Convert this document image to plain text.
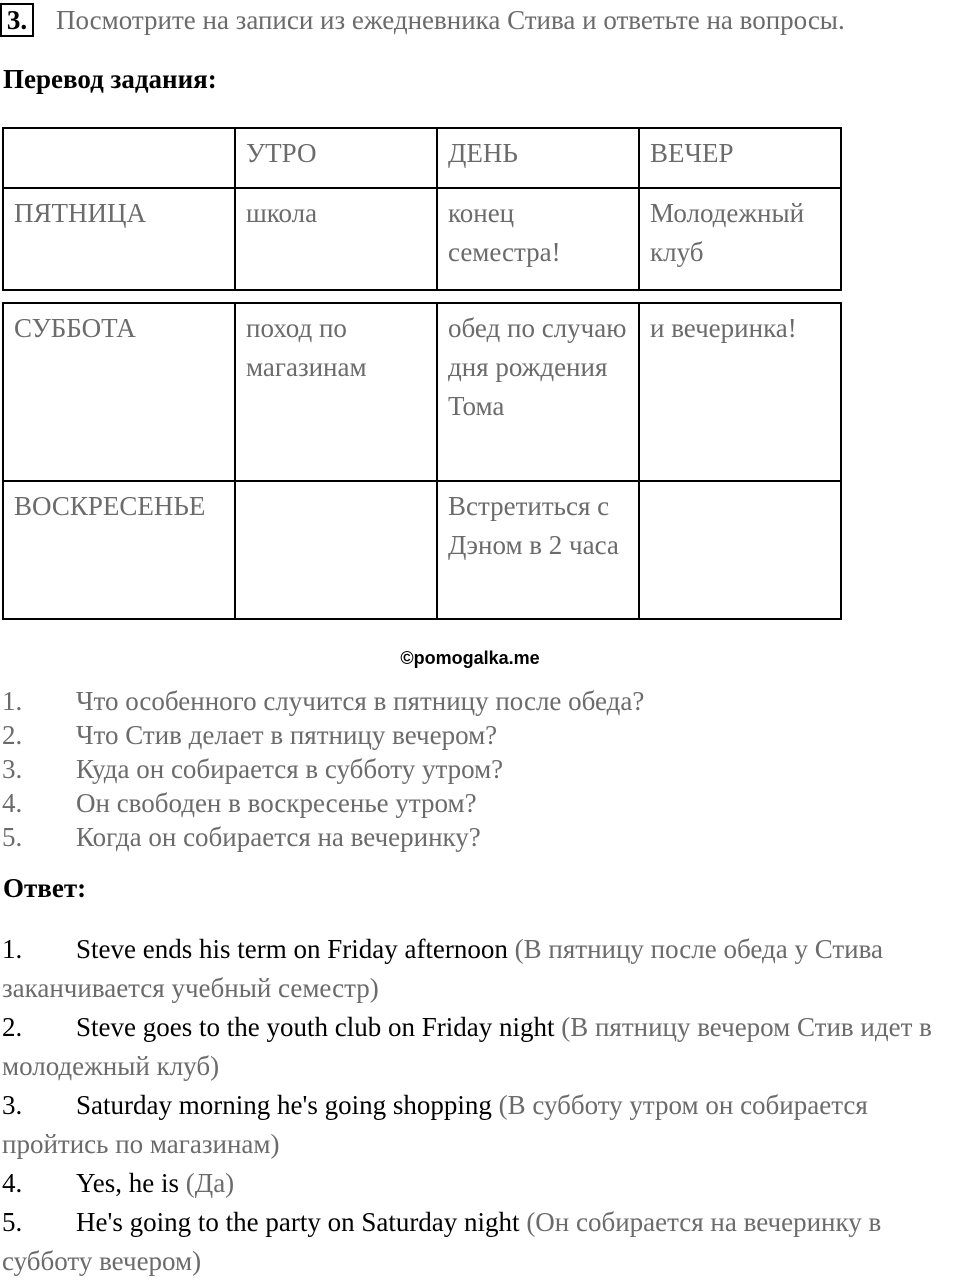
3. Посмотрите на записи из ежедневника Стива и ответьте на вопросы.
Перевод задания:
	УТРО	ДЕНЬ	ВЕЧЕР
ПЯТНИЦА	школа	конец семестра!	Молодежный клуб
СУББОТА	поход по магазинам	обед по случаю дня рождения Тома	и вечеринка!
ВОСКРЕСЕНЬЕ		Встретиться с Дэном в 2 часа	
©pomogalka.me
1.	Что особенного случится в пятницу после обеда?
2.	Что Стив делает в пятницу вечером?
3.	Куда он собирается в субботу утром?
4.	Он свободен в воскресенье утром?
5.	Когда он собирается на вечеринку?
Ответ:
1. Steve ends his term on Friday afternoon (В пятницу после обеда у Стива заканчивается учебный семестр)
2. Steve goes to the youth club on Friday night (В пятницу вечером Стив идет в молодежный клуб)
3. Saturday morning he's going shopping (В субботу утром он собирается пройтись по магазинам)
4. Yes, he is (Да)
5. He's going to the party on Saturday night (Он собирается на вечеринку в субботу вечером)
